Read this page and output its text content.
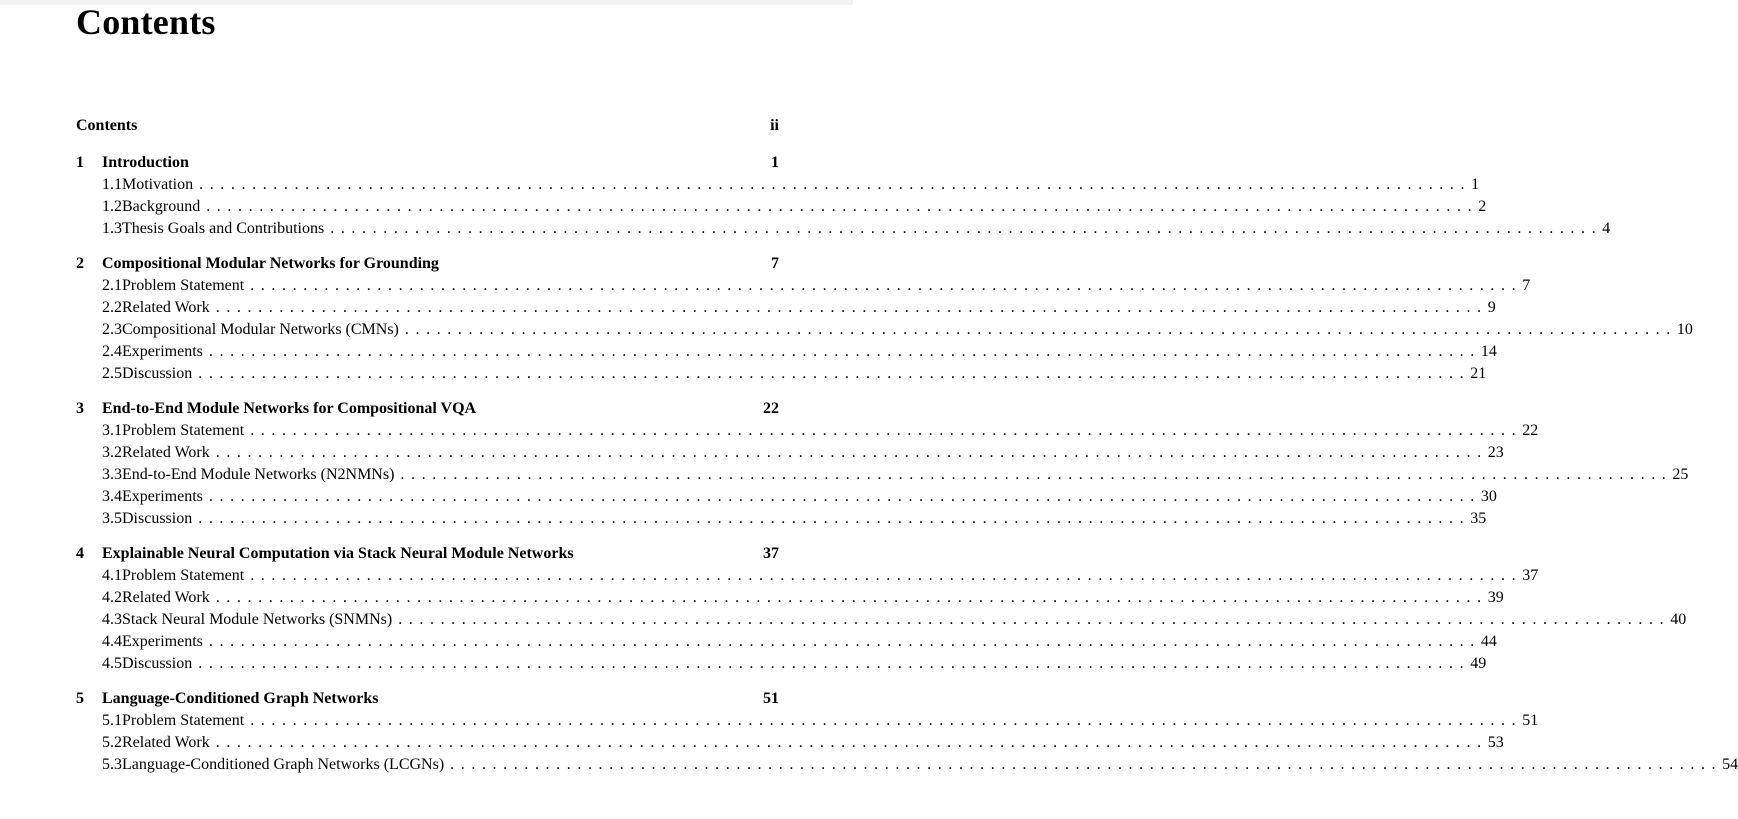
Contents
Contents	ii
1	Introduction	1
1.1 Motivation ........................................................................................................................ 1
1.2 Background ........................................................................................................................ 2
1.3 Thesis Goals and Contributions ........................................................................................................................ 4
2	Compositional Modular Networks for Grounding	7
2.1 Problem Statement ........................................................................................................................ 7
2.2 Related Work ........................................................................................................................ 9
2.3 Compositional Modular Networks (CMNs) ........................................................................................................................ 10
2.4 Experiments ........................................................................................................................ 14
2.5 Discussion ........................................................................................................................ 21
3	End-to-End Module Networks for Compositional VQA	22
3.1 Problem Statement ........................................................................................................................ 22
3.2 Related Work ........................................................................................................................ 23
3.3 End-to-End Module Networks (N2NMNs) ........................................................................................................................ 25
3.4 Experiments ........................................................................................................................ 30
3.5 Discussion ........................................................................................................................ 35
4	Explainable Neural Computation via Stack Neural Module Networks	37
4.1 Problem Statement ........................................................................................................................ 37
4.2 Related Work ........................................................................................................................ 39
4.3 Stack Neural Module Networks (SNMNs) ........................................................................................................................ 40
4.4 Experiments ........................................................................................................................ 44
4.5 Discussion ........................................................................................................................ 49
5	Language-Conditioned Graph Networks	51
5.1 Problem Statement ........................................................................................................................ 51
5.2 Related Work ........................................................................................................................ 53
5.3 Language-Conditioned Graph Networks (LCGNs) ........................................................................................................................ 54
